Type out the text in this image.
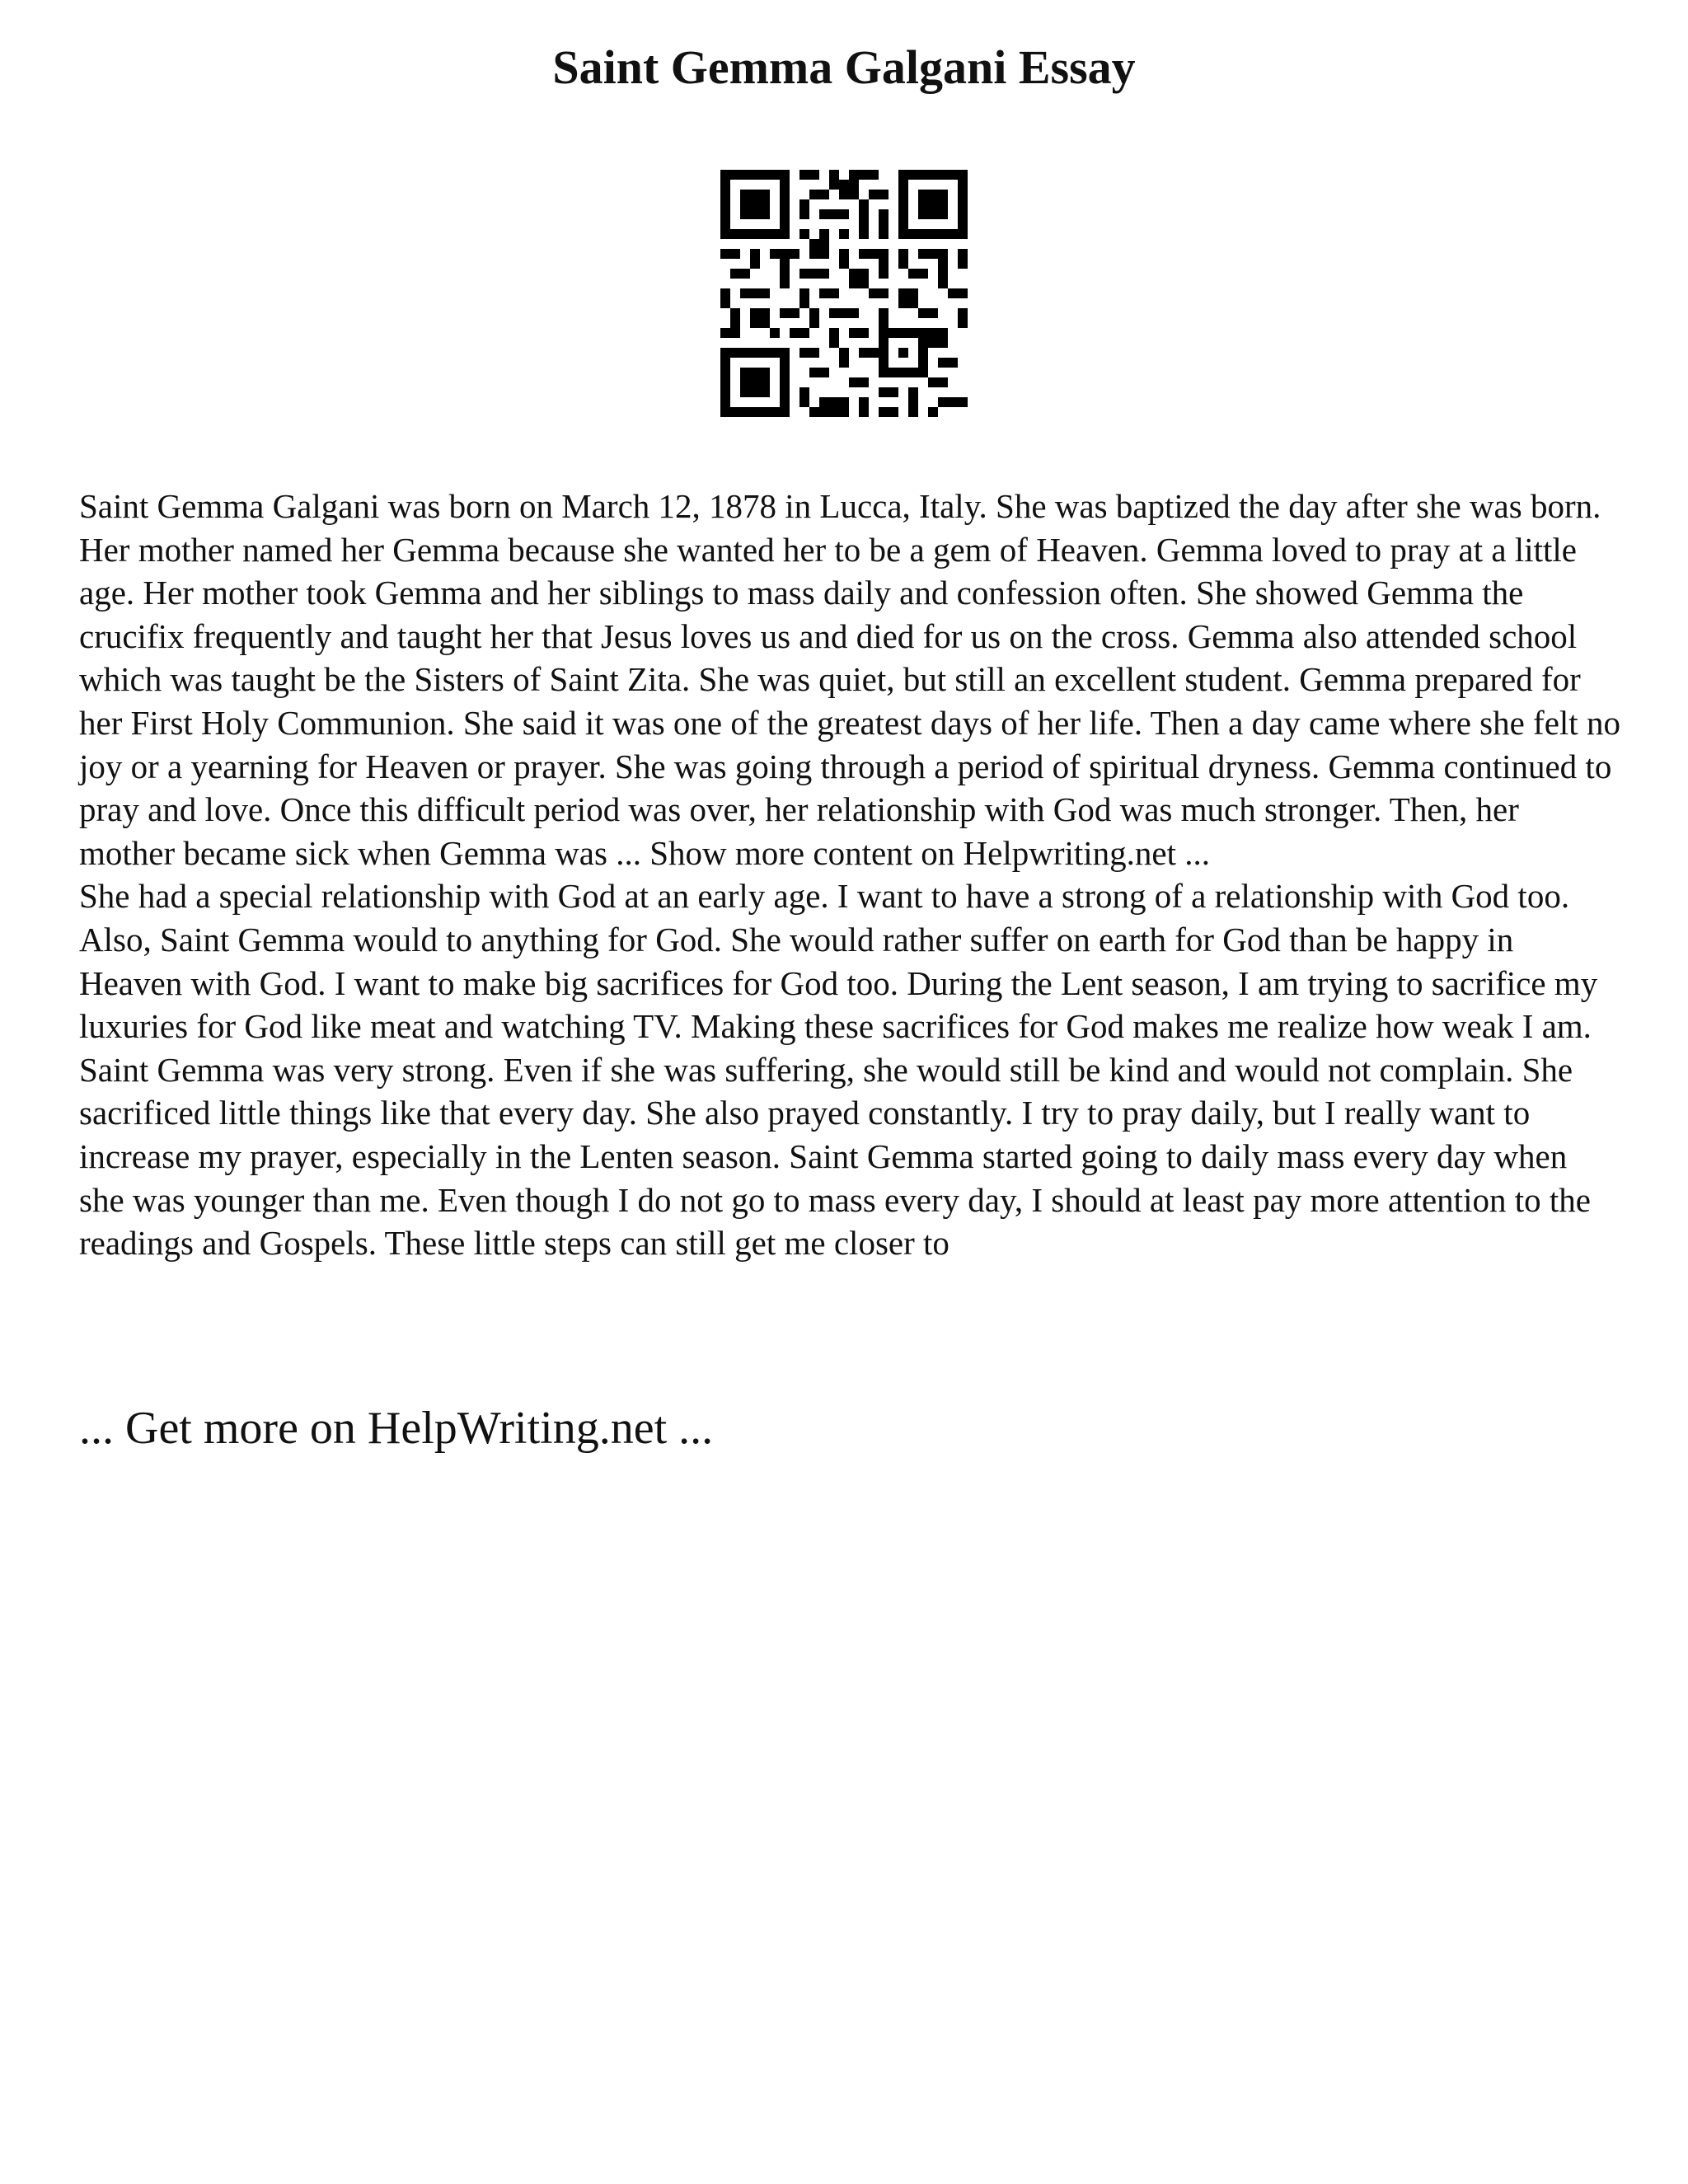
Saint Gemma Galgani Essay

Saint Gemma Galgani was born on March 12, 1878 in Lucca, Italy. She was baptized the day after she was born. Her mother named her Gemma because she wanted her to be a gem of Heaven. Gemma loved to pray at a little age. Her mother took Gemma and her siblings to mass daily and confession often. She showed Gemma the crucifix frequently and taught her that Jesus loves us and died for us on the cross. Gemma also attended school which was taught be the Sisters of Saint Zita. She was quiet, but still an excellent student. Gemma prepared for her First Holy Communion. She said it was one of the greatest days of her life. Then a day came where she felt no joy or a yearning for Heaven or prayer. She was going through a period of spiritual dryness. Gemma continued to pray and love. Once this difficult period was over, her relationship with God was much stronger. Then, her mother became sick when Gemma was ... Show more content on Helpwriting.net ...

She had a special relationship with God at an early age. I want to have a strong of a relationship with God too. Also, Saint Gemma would to anything for God. She would rather suffer on earth for God than be happy in Heaven with God. I want to make big sacrifices for God too. During the Lent season, I am trying to sacrifice my luxuries for God like meat and watching TV. Making these sacrifices for God makes me realize how weak I am. Saint Gemma was very strong. Even if she was suffering, she would still be kind and would not complain. She sacrificed little things like that every day. She also prayed constantly. I try to pray daily, but I really want to increase my prayer, especially in the Lenten season. Saint Gemma started going to daily mass every day when she was younger than me. Even though I do not go to mass every day, I should at least pay more attention to the readings and Gospels. These little steps can still get me closer to

... Get more on HelpWriting.net ...
